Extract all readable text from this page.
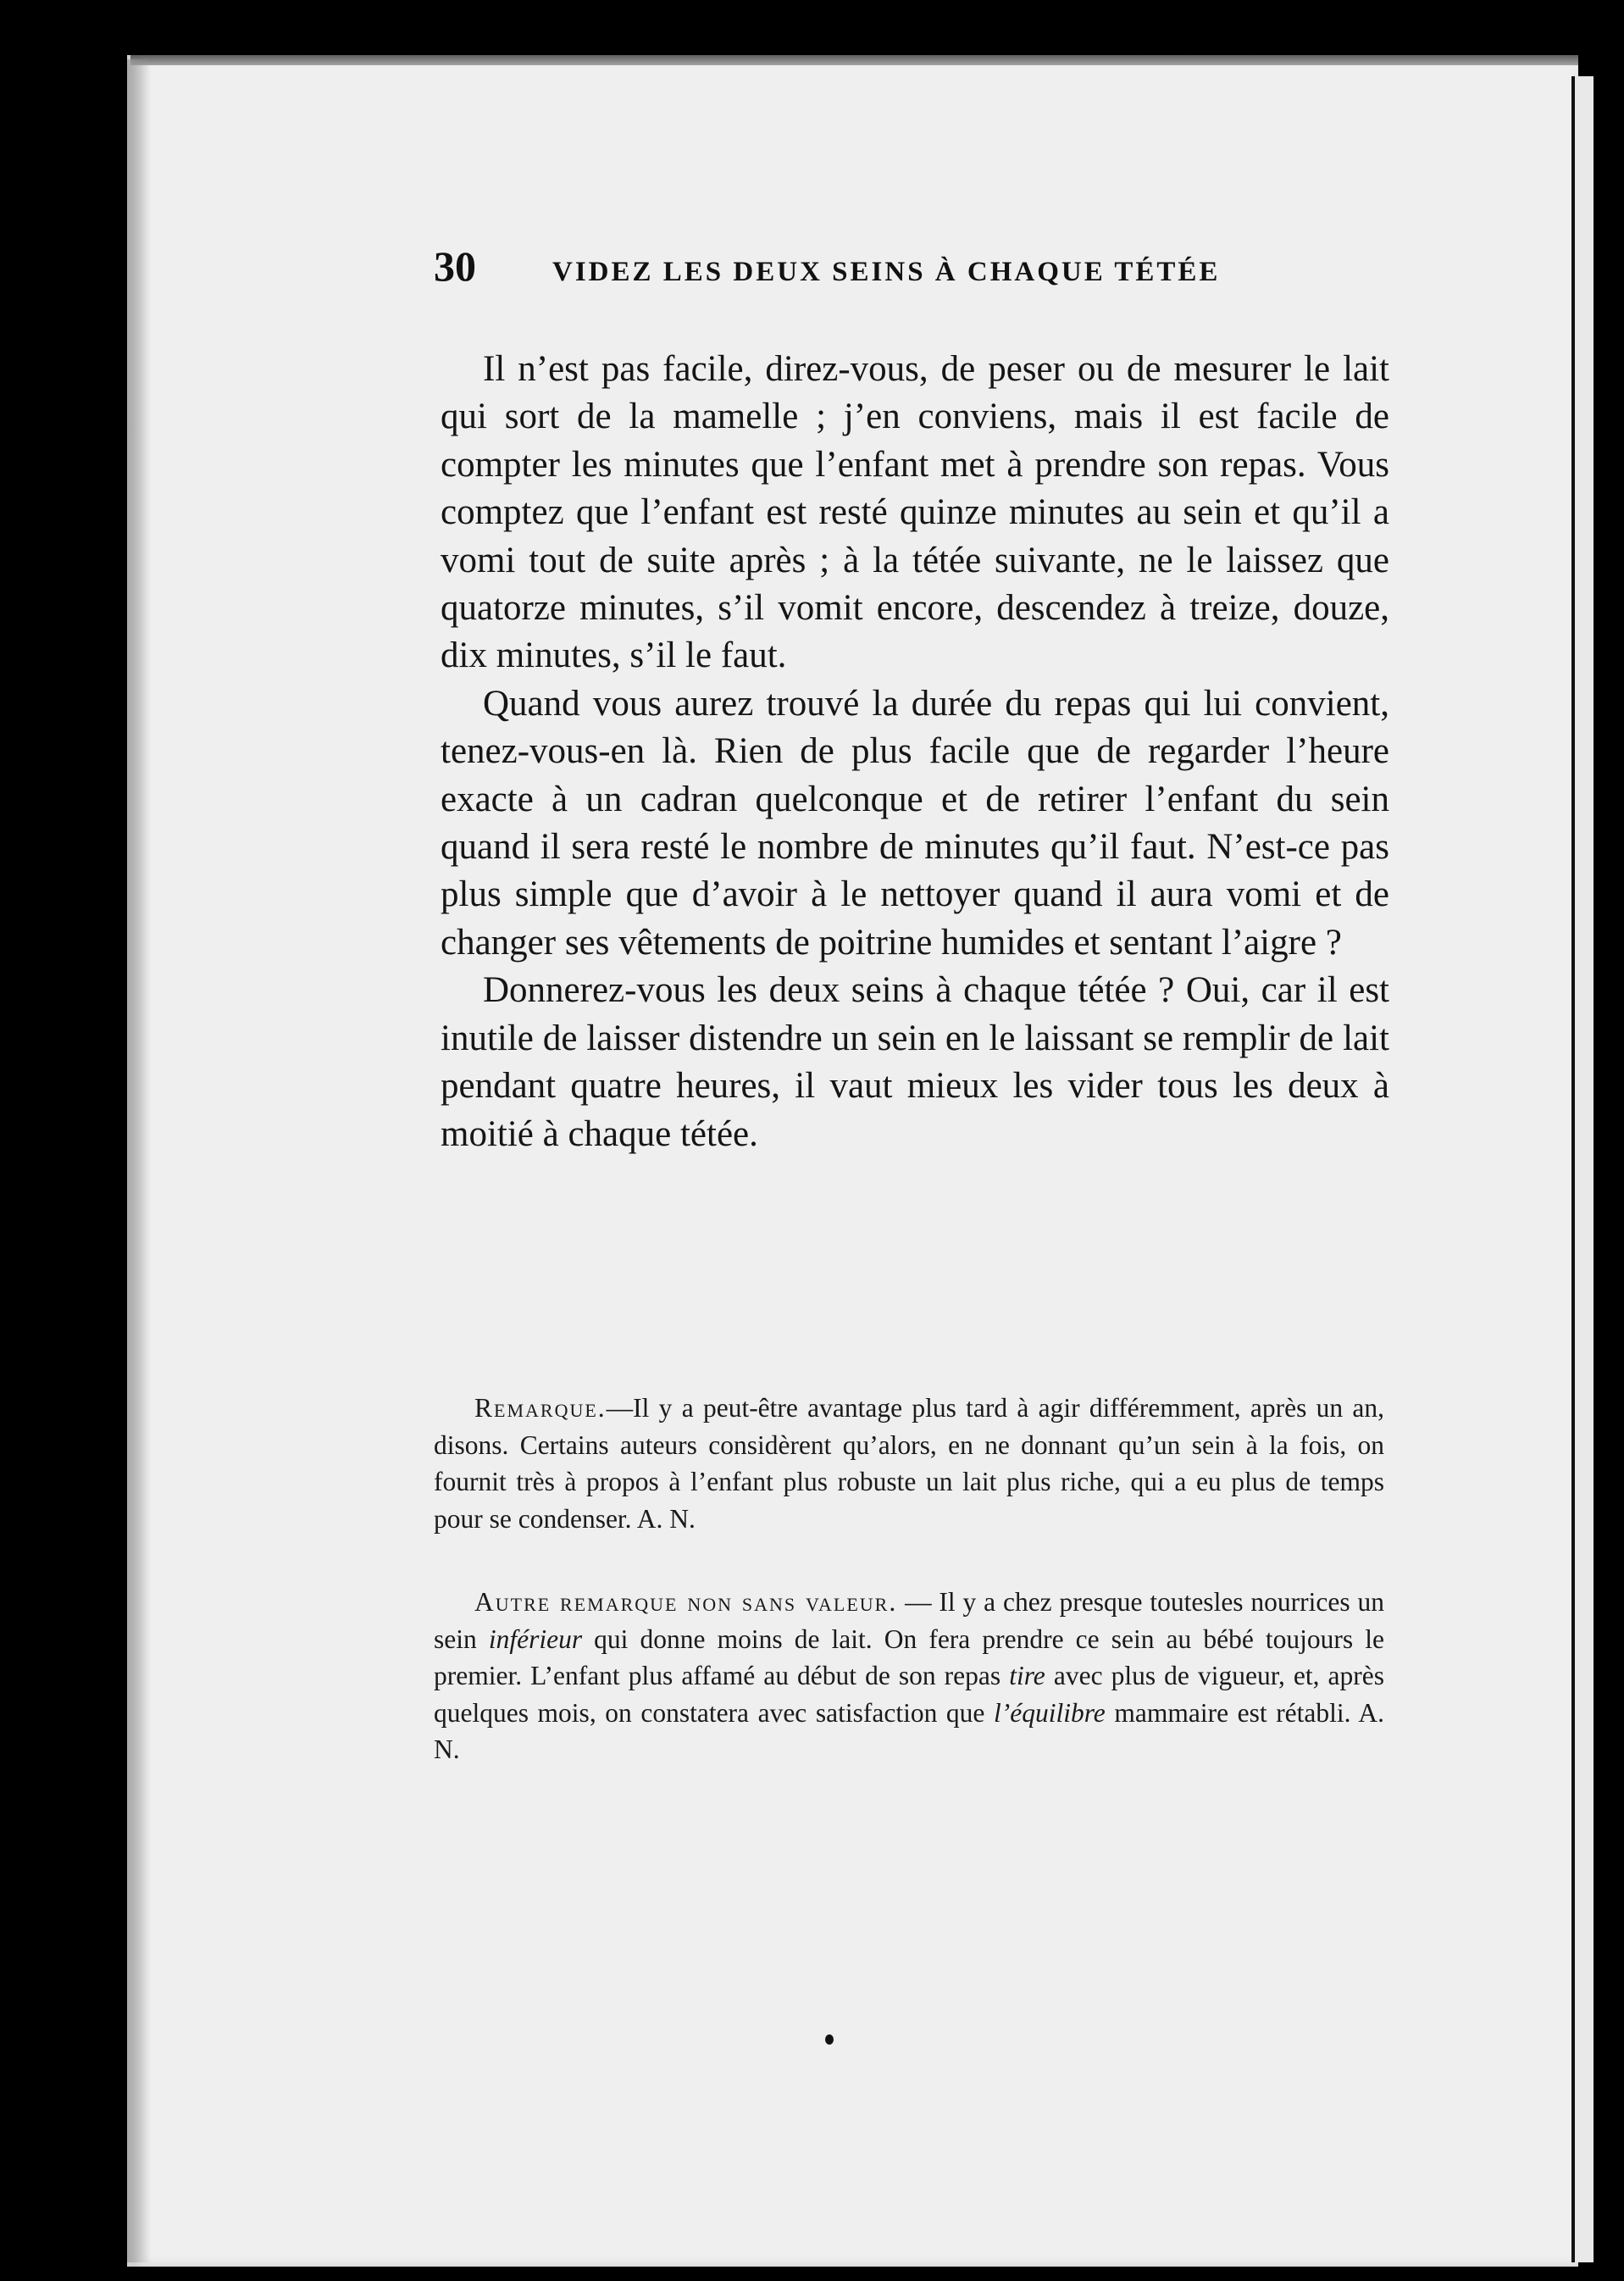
30	VIDEZ LES DEUX SEINS À CHAQUE TÉTÉE

Il n’est pas facile, direz-vous, de peser ou de mesurer le lait qui sort de la mamelle ; j’en conviens, mais il est facile de compter les minutes que l’enfant met à prendre son repas. Vous comptez que l’enfant est resté quinze minutes au sein et qu’il a vomi tout de suite après ; à la tétée suivante, ne le laissez que quatorze minutes, s’il vomit encore, descendez à treize, douze, dix minutes, s’il le faut.

Quand vous aurez trouvé la durée du repas qui lui convient, tenez-vous-en là. Rien de plus facile que de regarder l’heure exacte à un cadran quelconque et de retirer l’enfant du sein quand il sera resté le nombre de minutes qu’il faut. N’est-ce pas plus simple que d’avoir à le nettoyer quand il aura vomi et de changer ses vêtements de poitrine humides et sentant l’aigre ?

Donnerez-vous les deux seins à chaque tétée ? Oui, car il est inutile de laisser distendre un sein en le laissant se remplir de lait pendant quatre heures, il vaut mieux les vider tous les deux à moitié à chaque tétée.

Remarque.—Il y a peut-être avantage plus tard à agir différemment, après un an, disons. Certains auteurs considèrent qu’alors, en ne donnant qu’un sein à la fois, on fournit très à propos à l’enfant plus robuste un lait plus riche, qui a eu plus de temps pour se condenser. A. N.

Autre remarque non sans valeur. — Il y a chez presque toutesles nourrices un sein inférieur qui donne moins de lait. On fera prendre ce sein au bébé toujours le premier. L’enfant plus affamé au début de son repas tire avec plus de vigueur, et, après quelques mois, on constatera avec satisfaction que l’équilibre mammaire est rétabli. A. N.
